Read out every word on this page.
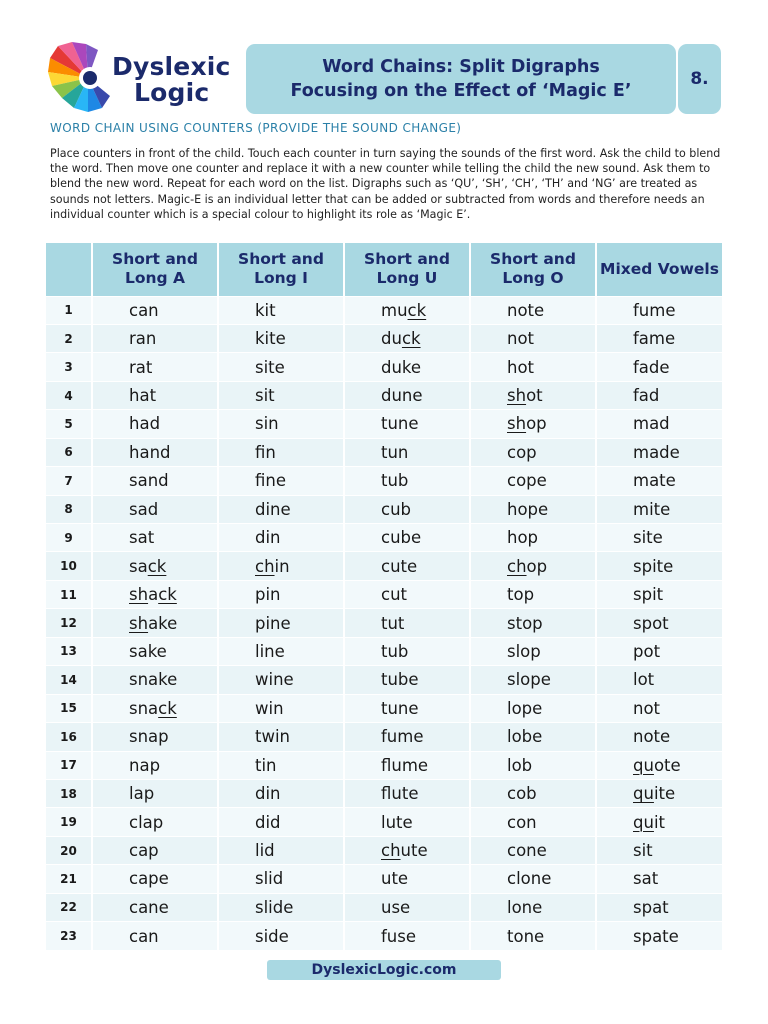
Dyslexic
Logic
Word Chains: Split Digraphs
Focusing on the Effect of ‘Magic E’
8.
WORD CHAIN USING COUNTERS (PROVIDE THE SOUND CHANGE)
Place counters in front of the child. Touch each counter in turn saying the sounds of the first word. Ask the child to blend the word. Then move one counter and replace it with a new counter while telling the child the new sound. Ask them to blend the new word. Repeat for each word on the list. Digraphs such as ‘QU’, ‘SH’, ‘CH’, ‘TH’ and ‘NG’ are treated as sounds not letters. Magic-E is an individual letter that can be added or subtracted from words and therefore needs an individual counter which is a special colour to highlight its role as ‘Magic E’.
	Short and
Long A	Short and
Long I	Short and
Long U	Short and
Long O	Mixed Vowels
1	can	kit	muck	note	fume
2	ran	kite	duck	not	fame
3	rat	site	duke	hot	fade
4	hat	sit	dune	shot	fad
5	had	sin	tune	shop	mad
6	hand	fin	tun	cop	made
7	sand	fine	tub	cope	mate
8	sad	dine	cub	hope	mite
9	sat	din	cube	hop	site
10	sack	chin	cute	chop	spite
11	shack	pin	cut	top	spit
12	shake	pine	tut	stop	spot
13	sake	line	tub	slop	pot
14	snake	wine	tube	slope	lot
15	snack	win	tune	lope	not
16	snap	twin	fume	lobe	note
17	nap	tin	flume	lob	quote
18	lap	din	flute	cob	quite
19	clap	did	lute	con	quit
20	cap	lid	chute	cone	sit
21	cape	slid	ute	clone	sat
22	cane	slide	use	lone	spat
23	can	side	fuse	tone	spate
DyslexicLogic.com
